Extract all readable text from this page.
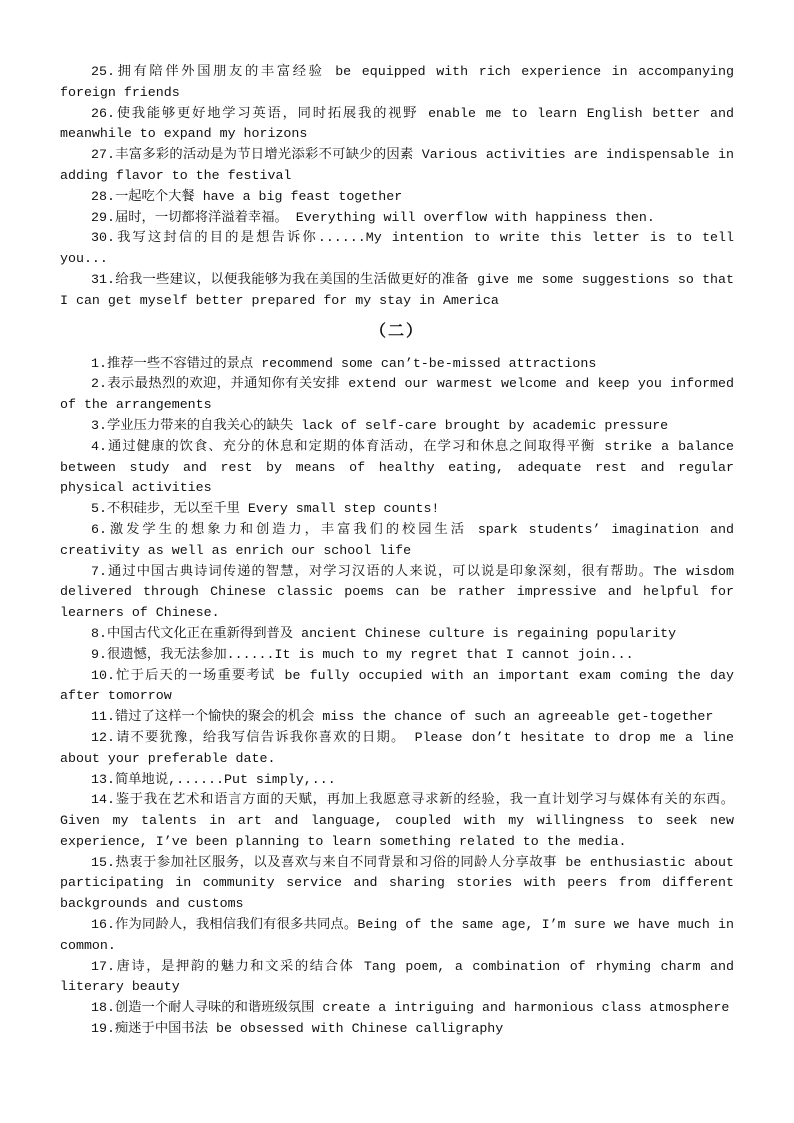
25.拥有陪伴外国朋友的丰富经验 be equipped with rich experience in accompanying foreign friends

26.使我能够更好地学习英语，同时拓展我的视野 enable me to learn English better and meanwhile to expand my horizons

27.丰富多彩的活动是为节日增光添彩不可缺少的因素 Various activities are indispensable in adding flavor to the festival

28.一起吃个大餐 have a big feast together

29.届时，一切都将洋溢着幸福。 Everything will overflow with happiness then.

30.我写这封信的目的是想告诉你......My intention to write this letter is to tell you...

31.给我一些建议，以便我能够为我在美国的生活做更好的准备 give me some suggestions so that I can get myself better prepared for my stay in America

（二）

1.推荐一些不容错过的景点 recommend some can’t-be-missed attractions

2.表示最热烈的欢迎，并通知你有关安排 extend our warmest welcome and keep you informed of the arrangements

3.学业压力带来的自我关心的缺失 lack of self-care brought by academic pressure

4.通过健康的饮食、充分的休息和定期的体育活动，在学习和休息之间取得平衡 strike a balance between study and rest by means of healthy eating, adequate rest and regular physical activities

5.不积硅步，无以至千里 Every small step counts!

6.激发学生的想象力和创造力，丰富我们的校园生活 spark students’ imagination and creativity as well as enrich our school life

7.通过中国古典诗词传递的智慧，对学习汉语的人来说，可以说是印象深刻，很有帮助。The wisdom delivered through Chinese classic poems can be rather impressive and helpful for learners of Chinese.

8.中国古代文化正在重新得到普及 ancient Chinese culture is regaining popularity

9.很遗憾，我无法参加......It is much to my regret that I cannot join...

10.忙于后天的一场重要考试 be fully occupied with an important exam coming the day after tomorrow

11.错过了这样一个愉快的聚会的机会 miss the chance of such an agreeable get-together

12.请不要犹豫，给我写信告诉我你喜欢的日期。 Please don’t hesitate to drop me a line about your preferable date.

13.简单地说,......Put simply,...

14.鉴于我在艺术和语言方面的天赋，再加上我愿意寻求新的经验，我一直计划学习与媒体有关的东西。Given my talents in art and language, coupled with my willingness to seek new experience, I’ve been planning to learn something related to the media.

15.热衷于参加社区服务，以及喜欢与来自不同背景和习俗的同龄人分享故事 be enthusiastic about participating in community service and sharing stories with peers from different backgrounds and customs

16.作为同龄人，我相信我们有很多共同点。Being of the same age, I’m sure we have much in common.

17.唐诗，是押韵的魅力和文采的结合体 Tang poem, a combination of rhyming charm and literary beauty

18.创造一个耐人寻味的和谐班级氛围 create a intriguing and harmonious class atmosphere

19.痴迷于中国书法 be obsessed with Chinese calligraphy
